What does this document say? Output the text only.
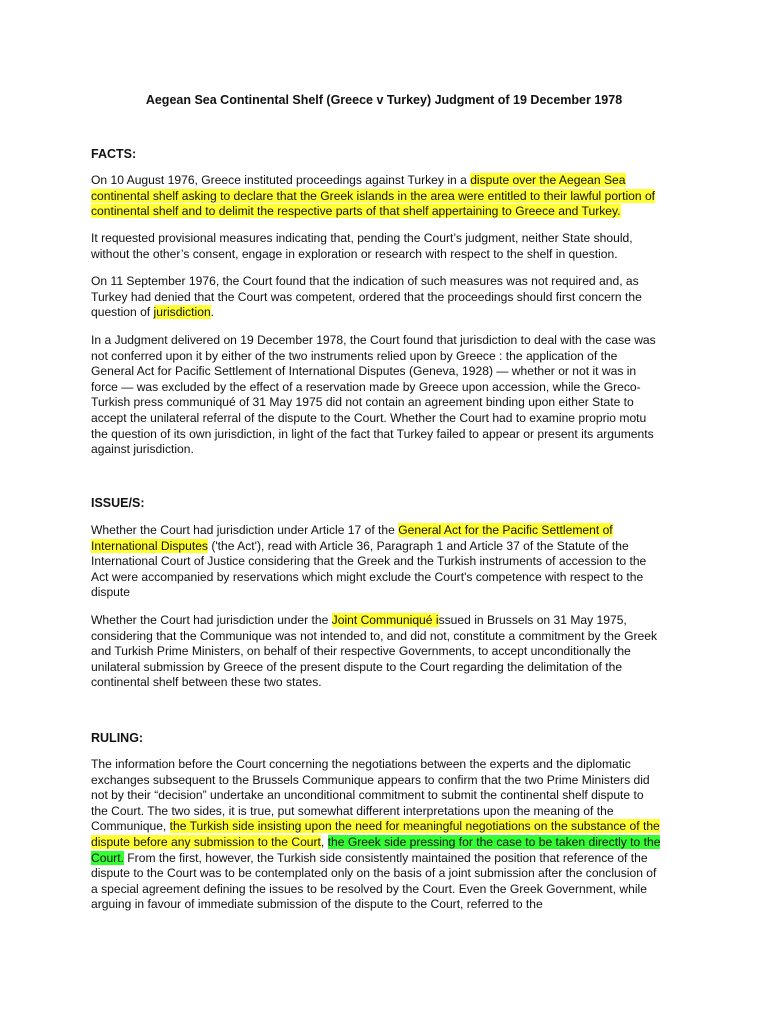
Aegean Sea Continental Shelf (Greece v Turkey) Judgment of 19 December 1978
FACTS:
On 10 August 1976, Greece instituted proceedings against Turkey in a dispute over the Aegean Sea continental shelf asking to declare that the Greek islands in the area were entitled to their lawful portion of continental shelf and to delimit the respective parts of that shelf appertaining to Greece and Turkey.
It requested provisional measures indicating that, pending the Court’s judgment, neither State should, without the other’s consent, engage in exploration or research with respect to the shelf in question.
On 11 September 1976, the Court found that the indication of such measures was not required and, as Turkey had denied that the Court was competent, ordered that the proceedings should first concern the question of jurisdiction.
In a Judgment delivered on 19 December 1978, the Court found that jurisdiction to deal with the case was not conferred upon it by either of the two instruments relied upon by Greece : the application of the General Act for Pacific Settlement of International Disputes (Geneva, 1928) — whether or not it was in force — was excluded by the effect of a reservation made by Greece upon accession, while the Greco-Turkish press communiqué of 31 May 1975 did not contain an agreement binding upon either State to accept the unilateral referral of the dispute to the Court. Whether the Court had to examine proprio motu the question of its own jurisdiction, in light of the fact that Turkey failed to appear or present its arguments against jurisdiction.
ISSUE/S:
Whether the Court had jurisdiction under Article 17 of the General Act for the Pacific Settlement of International Disputes ('the Act'), read with Article 36, Paragraph 1 and Article 37 of the Statute of the International Court of Justice considering that the Greek and the Turkish instruments of accession to the Act were accompanied by reservations which might exclude the Court's competence with respect to the dispute
Whether the Court had jurisdiction under the Joint Communiqué issued in Brussels on 31 May 1975, considering that the Communique was not intended to, and did not, constitute a commitment by the Greek and Turkish Prime Ministers, on behalf of their respective Governments, to accept unconditionally the unilateral submission by Greece of the present dispute to the Court regarding the delimitation of the continental shelf between these two states.
RULING:
The information before the Court concerning the negotiations between the experts and the diplomatic exchanges subsequent to the Brussels Communique appears to confirm that the two Prime Ministers did not by their “decision” undertake an unconditional commitment to submit the continental shelf dispute to the Court. The two sides, it is true, put somewhat different interpretations upon the meaning of the Communique, the Turkish side insisting upon the need for meaningful negotiations on the substance of the dispute before any submission to the Court, the Greek side pressing for the case to be taken directly to the Court. From the first, however, the Turkish side consistently maintained the position that reference of the dispute to the Court was to be contemplated only on the basis of a joint submission after the conclusion of a special agreement defining the issues to be resolved by the Court. Even the Greek Government, while arguing in favour of immediate submission of the dispute to the Court, referred to the
